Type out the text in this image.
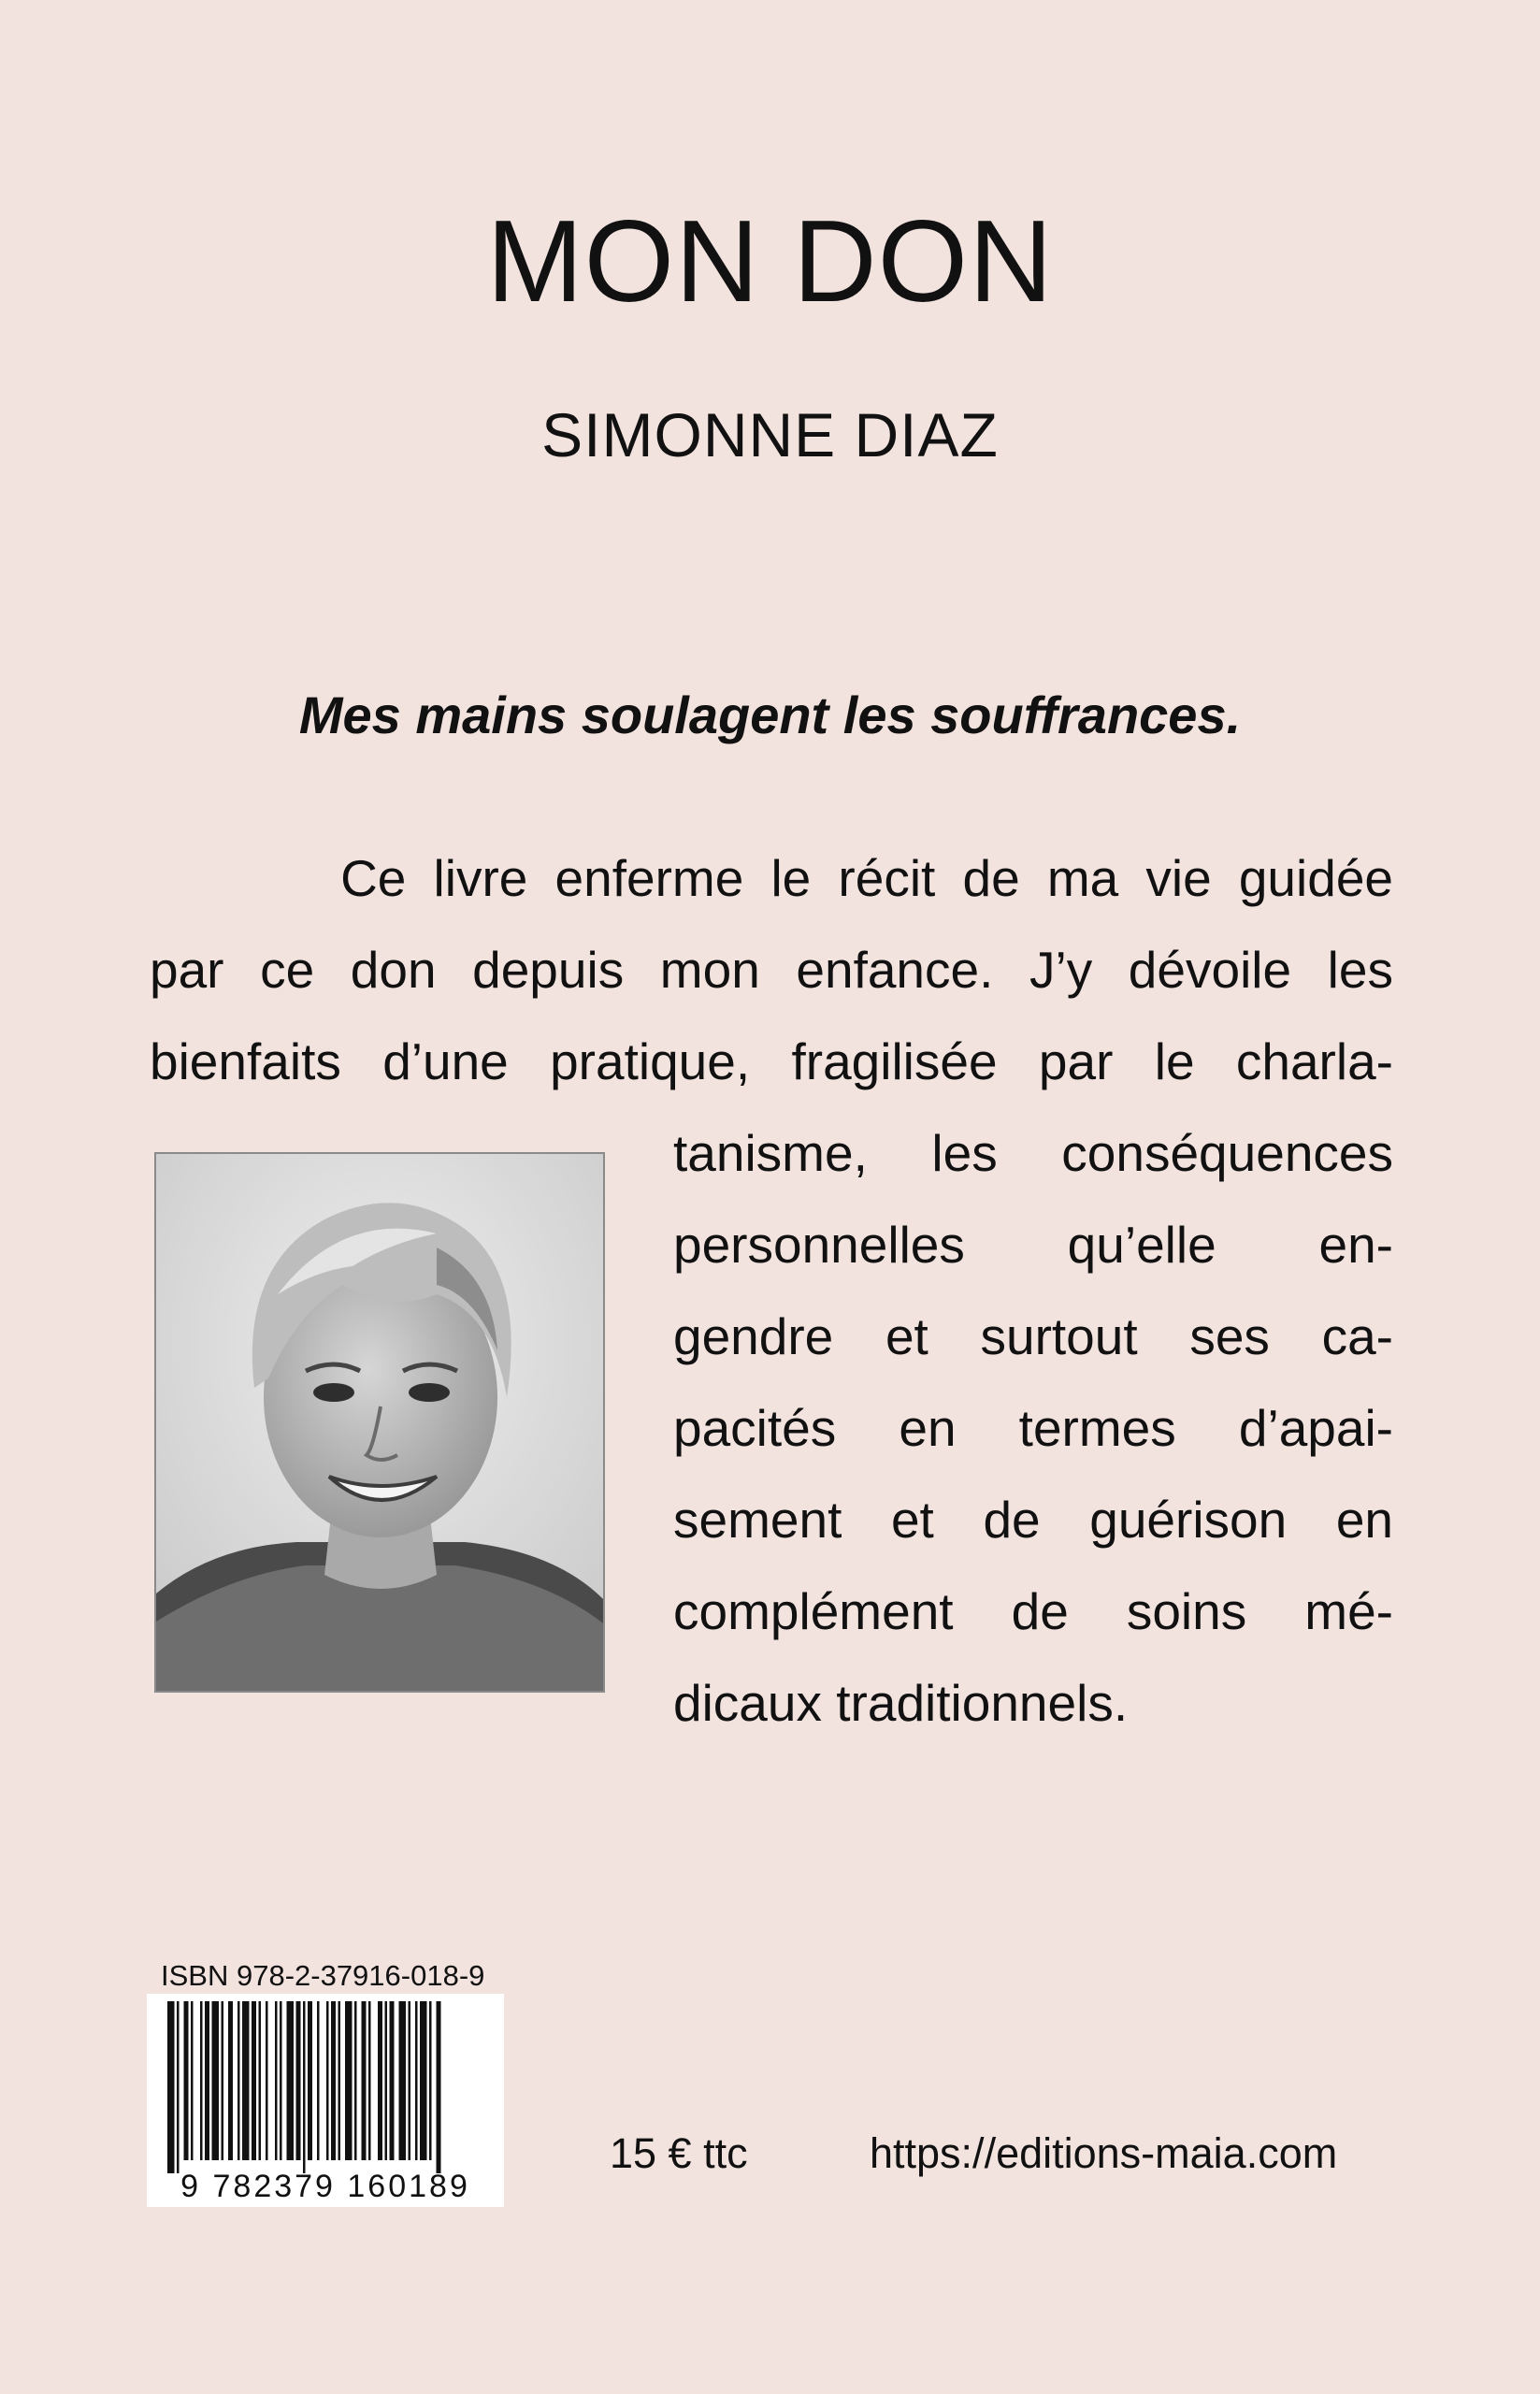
MON DON
SIMONNE DIAZ

Mes mains soulagent les souffrances.

Ce livre enferme le récit de ma vie guidée
par ce don depuis mon enfance. J’y dévoile les
bienfaits d’une pratique, fragilisée par le charla-
tanisme, les conséquences
personnelles qu’elle en-
gendre et surtout ses ca-
pacités en termes d’apai-
sement et de guérison en
complément de soins mé-
dicaux traditionnels.

ISBN 978-2-37916-018-9

9 782379 160189

15 € ttc	https://editions-maia.com
